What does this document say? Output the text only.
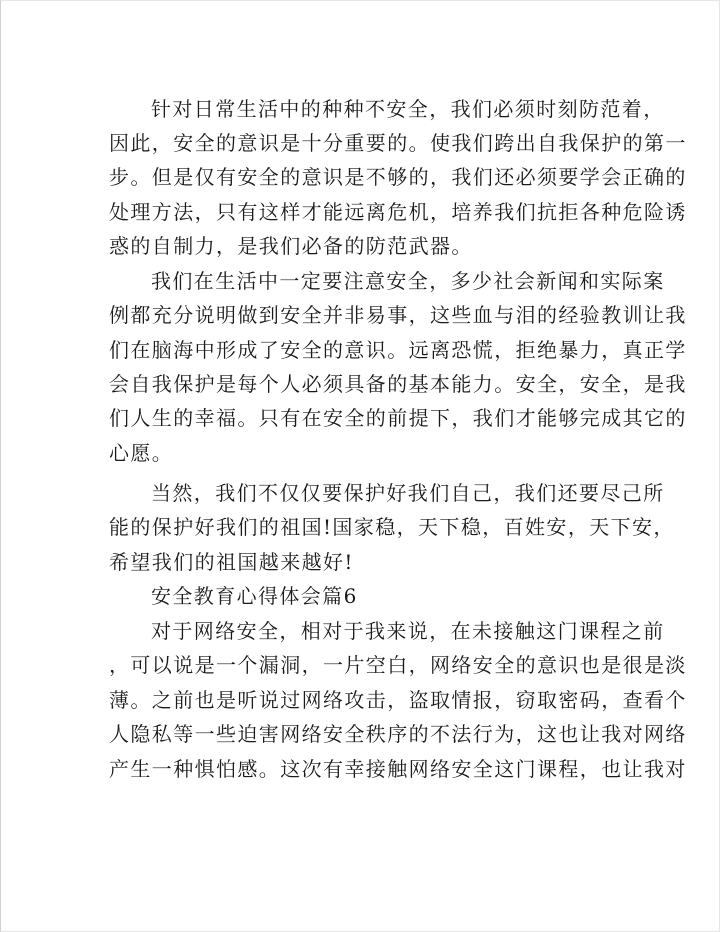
针对日常生活中的种种不安全，我们必须时刻防范着，
因此，安全的意识是十分重要的。使我们跨出自我保护的第一
步。但是仅有安全的意识是不够的，我们还必须要学会正确的
处理方法，只有这样才能远离危机，培养我们抗拒各种危险诱
惑的自制力，是我们必备的防范武器。
我们在生活中一定要注意安全，多少社会新闻和实际案
例都充分说明做到安全并非易事，这些血与泪的经验教训让我
们在脑海中形成了安全的意识。远离恐慌，拒绝暴力，真正学
会自我保护是每个人必须具备的基本能力。安全，安全，是我
们人生的幸福。只有在安全的前提下，我们才能够完成其它的
心愿。
当然，我们不仅仅要保护好我们自己，我们还要尽己所
能的保护好我们的祖国!国家稳，天下稳，百姓安，天下安，
希望我们的祖国越来越好!
安全教育心得体会篇6
对于网络安全，相对于我来说，在未接触这门课程之前
，可以说是一个漏洞，一片空白，网络安全的意识也是很是淡
薄。之前也是听说过网络攻击，盗取情报，窃取密码，查看个
人隐私等一些迫害网络安全秩序的不法行为，这也让我对网络
产生一种惧怕感。这次有幸接触网络安全这门课程，也让我对
